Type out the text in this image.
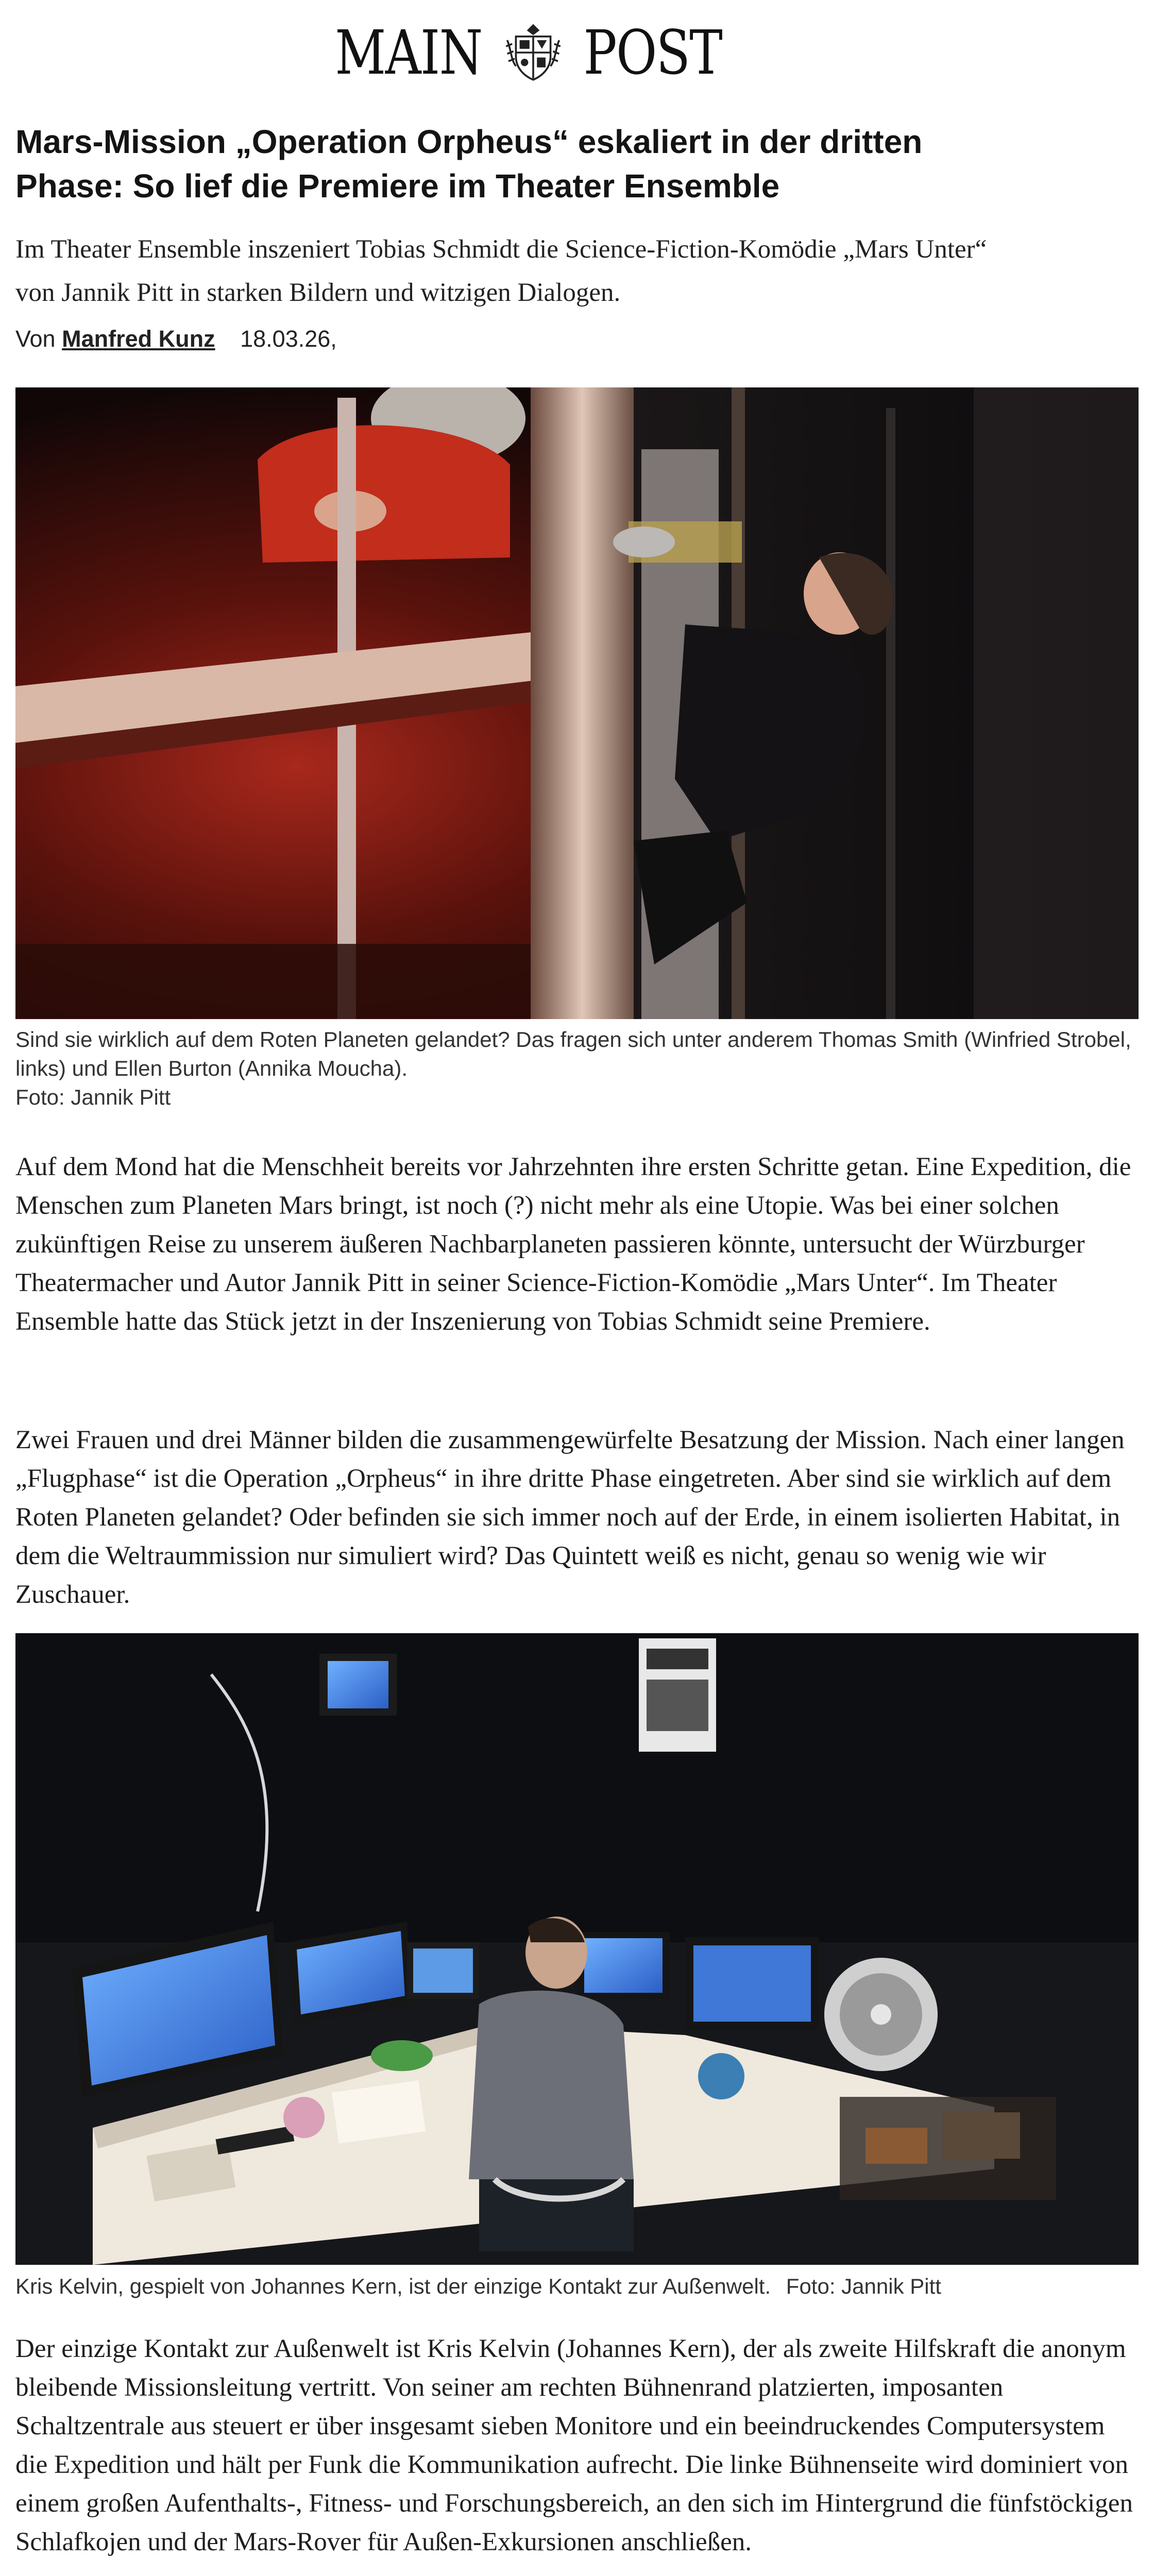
MAIN POST
Mars-Mission „Operation Orpheus“ eskaliert in der dritten Phase: So lief die Premiere im Theater Ensemble

Im Theater Ensemble inszeniert Tobias Schmidt die Science-Fiction-Komödie „Mars Unter“ von Jannik Pitt in starken Bildern und witzigen Dialogen.

Von Manfred Kunz 18.03.26,

Sind sie wirklich auf dem Roten Planeten gelandet? Das fragen sich unter anderem Thomas Smith (Winfried Strobel, links) und Ellen Burton (Annika Moucha).
Foto: Jannik Pitt

Auf dem Mond hat die Menschheit bereits vor Jahrzehnten ihre ersten Schritte getan. Eine Expedition, die Menschen zum Planeten Mars bringt, ist noch (?) nicht mehr als eine Utopie. Was bei einer solchen zukünftigen Reise zu unserem äußeren Nachbarplaneten passieren könnte, untersucht der Würzburger Theatermacher und Autor Jannik Pitt in seiner Science-Fiction-Komödie „Mars Unter“. Im Theater Ensemble hatte das Stück jetzt in der Inszenierung von Tobias Schmidt seine Premiere.

Zwei Frauen und drei Männer bilden die zusammengewürfelte Besatzung der Mission. Nach einer langen „Flugphase“ ist die Operation „Orpheus“ in ihre dritte Phase eingetreten. Aber sind sie wirklich auf dem Roten Planeten gelandet? Oder befinden sie sich immer noch auf der Erde, in einem isolierten Habitat, in dem die Weltraummission nur simuliert wird? Das Quintett weiß es nicht, genau so wenig wie wir Zuschauer.

Kris Kelvin, gespielt von Johannes Kern, ist der einzige Kontakt zur Außenwelt. Foto: Jannik Pitt

Der einzige Kontakt zur Außenwelt ist Kris Kelvin (Johannes Kern), der als zweite Hilfskraft die anonym bleibende Missionsleitung vertritt. Von seiner am rechten Bühnenrand platzierten, imposanten Schaltzentrale aus steuert er über insgesamt sieben Monitore und ein beeindruckendes Computersystem die Expedition und hält per Funk die Kommunikation aufrecht. Die linke Bühnenseite wird dominiert von einem großen Aufenthalts-, Fitness- und Forschungsbereich, an den sich im Hintergrund die fünfstöckigen Schlafkojen und der Mars-Rover für Außen-Exkursionen anschließen.
